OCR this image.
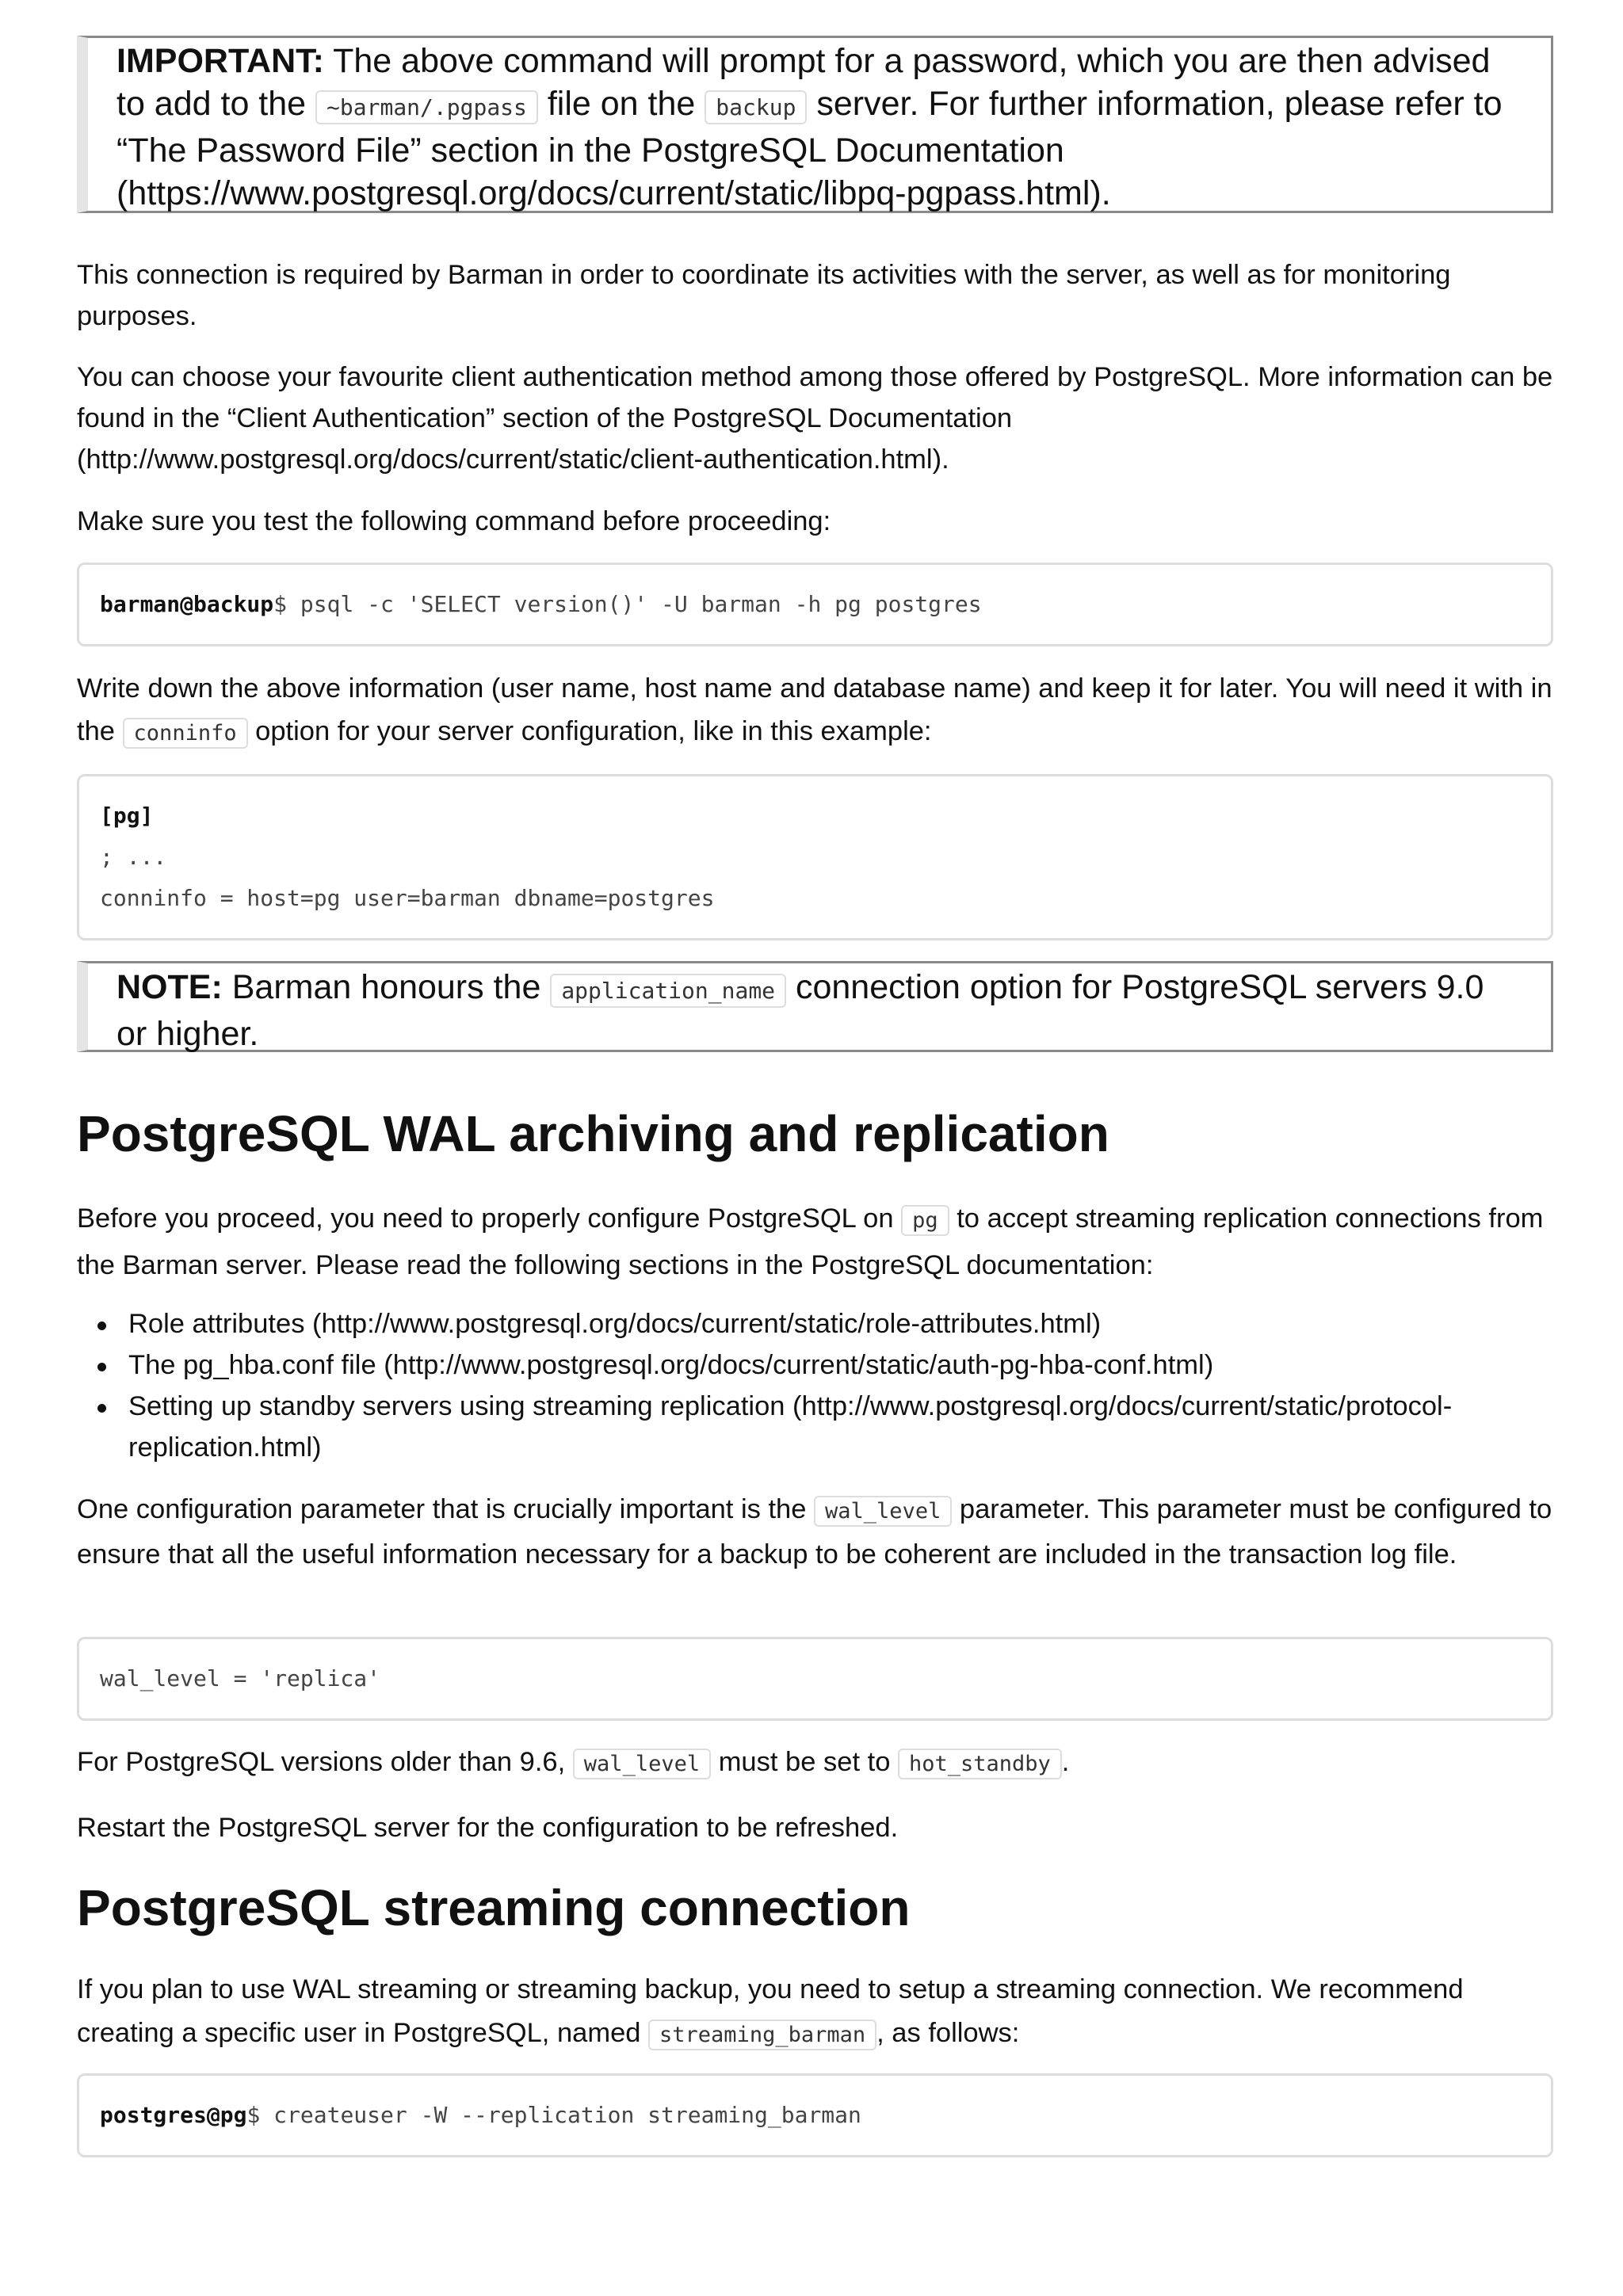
IMPORTANT: The above command will prompt for a password, which you are then advised to add to the ~barman/.pgpass file on the backup server. For further information, please refer to “The Password File” section in the PostgreSQL Documentation (https://www.postgresql.org/docs/current/static/libpq-pgpass.html).

This connection is required by Barman in order to coordinate its activities with the server, as well as for monitoring purposes.

You can choose your favourite client authentication method among those offered by PostgreSQL. More information can be found in the “Client Authentication” section of the PostgreSQL Documentation (http://www.postgresql.org/docs/current/static/client-authentication.html).

Make sure you test the following command before proceeding:

barman@backup$ psql -c 'SELECT version()' -U barman -h pg postgres

Write down the above information (user name, host name and database name) and keep it for later. You will need it with in the conninfo option for your server configuration, like in this example:

[pg]
; ...
conninfo = host=pg user=barman dbname=postgres
NOTE: Barman honours the application_name connection option for PostgreSQL servers 9.0 or higher.
PostgreSQL WAL archiving and replication

Before you proceed, you need to properly configure PostgreSQL on pg to accept streaming replication connections from the Barman server. Please read the following sections in the PostgreSQL documentation:

Role attributes (http://www.postgresql.org/docs/current/static/role-attributes.html)
The pg_hba.conf file (http://www.postgresql.org/docs/current/static/auth-pg-hba-conf.html)
Setting up standby servers using streaming replication (http://www.postgresql.org/docs/current/static/protocol-replication.html)

One configuration parameter that is crucially important is the wal_level parameter. This parameter must be configured to ensure that all the useful information necessary for a backup to be coherent are included in the transaction log file.

wal_level = 'replica'

For PostgreSQL versions older than 9.6, wal_level must be set to hot_standby .

Restart the PostgreSQL server for the configuration to be refreshed.

PostgreSQL streaming connection

If you plan to use WAL streaming or streaming backup, you need to setup a streaming connection. We recommend creating a specific user in PostgreSQL, named streaming_barman , as follows:

postgres@pg$ createuser -W --replication streaming_barman
